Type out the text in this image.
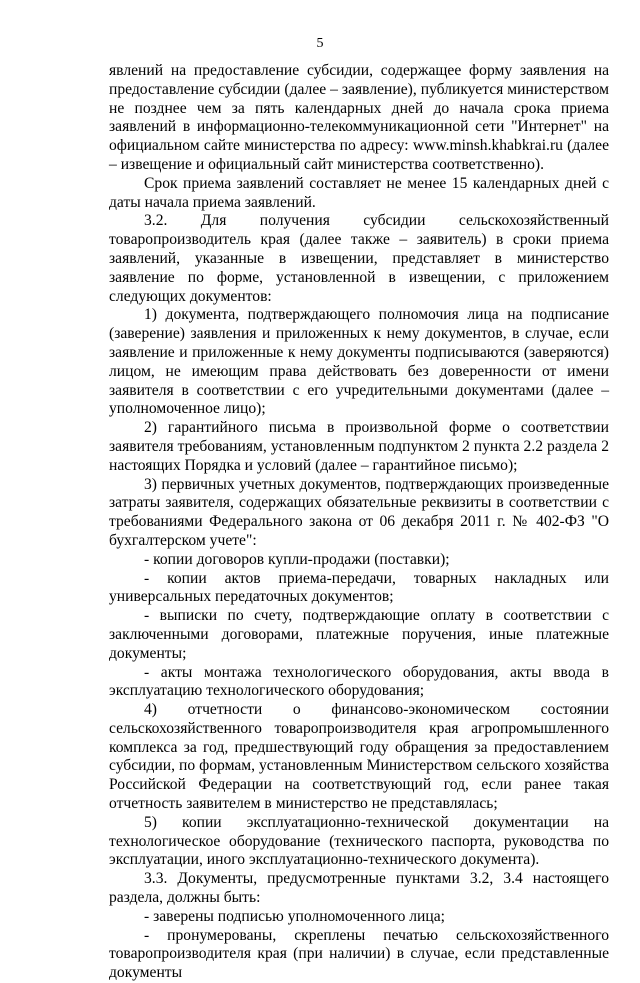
5

явлений на предоставление субсидии, содержащее форму заявления на предоставление субсидии (далее – заявление), публикуется министерством не позднее чем за пять календарных дней до начала срока приема заявлений в информационно-телекоммуникационной сети "Интернет" на официальном сайте министерства по адресу: www.minsh.khabkrai.ru (далее – извещение и официальный сайт министерства соответственно).

Срок приема заявлений составляет не менее 15 календарных дней с даты начала приема заявлений.

3.2. Для получения субсидии сельскохозяйственный товаропроизводитель края (далее также – заявитель) в сроки приема заявлений, указанные в извещении, представляет в министерство заявление по форме, установленной в извещении, с приложением следующих документов:

1) документа, подтверждающего полномочия лица на подписание (заверение) заявления и приложенных к нему документов, в случае, если заявление и приложенные к нему документы подписываются (заверяются) лицом, не имеющим права действовать без доверенности от имени заявителя в соответствии с его учредительными документами (далее – уполномоченное лицо);

2) гарантийного письма в произвольной форме о соответствии заявителя требованиям, установленным подпунктом 2 пункта 2.2 раздела 2 настоящих Порядка и условий (далее – гарантийное письмо);

3) первичных учетных документов, подтверждающих произведенные затраты заявителя, содержащих обязательные реквизиты в соответствии с требованиями Федерального закона от 06 декабря 2011 г. № 402-ФЗ "О бухгалтерском учете":

- копии договоров купли-продажи (поставки);

- копии актов приема-передачи, товарных накладных или универсальных передаточных документов;

- выписки по счету, подтверждающие оплату в соответствии с заключенными договорами, платежные поручения, иные платежные документы;

- акты монтажа технологического оборудования, акты ввода в эксплуатацию технологического оборудования;

4) отчетности о финансово-экономическом состоянии сельскохозяйственного товаропроизводителя края агропромышленного комплекса за год, предшествующий году обращения за предоставлением субсидии, по формам, установленным Министерством сельского хозяйства Российской Федерации на соответствующий год, если ранее такая отчетность заявителем в министерство не представлялась;

5) копии эксплуатационно-технической документации на технологическое оборудование (технического паспорта, руководства по эксплуатации, иного эксплуатационно-технического документа).

3.3. Документы, предусмотренные пунктами 3.2, 3.4 настоящего раздела, должны быть:

- заверены подписью уполномоченного лица;

- пронумерованы, скреплены печатью сельскохозяйственного товаропроизводителя края (при наличии) в случае, если представленные документы
